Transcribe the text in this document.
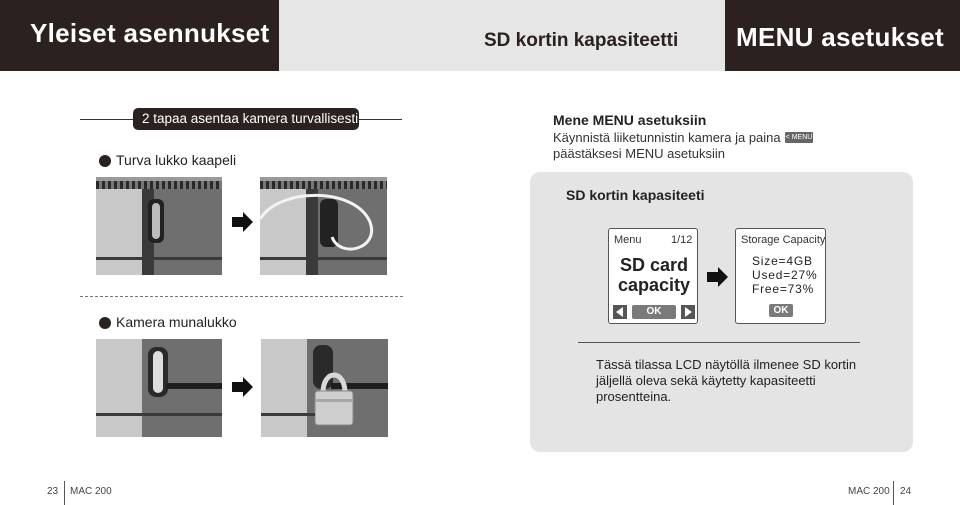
Yleiset asennukset	SD kortin kapasiteetti MENU asetukset
2 tapaa asentaa kamera turvallisesti
Turva lukko kaapeli
Kamera munalukko
Mene MENU asetuksiin
Käynnistä liiketunnistin kamera ja paina päästäksesi MENU asetuksiin
< MENU
SD kortin kapasiteeti
Menu	1/12
SD card
capacity
OK
Storage Capacity
Size=4GB
Used=27%
Free=73%
OK
Tässä tilassa LCD näytöllä ilmenee SD kortin jäljellä oleva sekä käytetty kapasiteetti prosentteina.
23 MAC 200	MAC 200 24
